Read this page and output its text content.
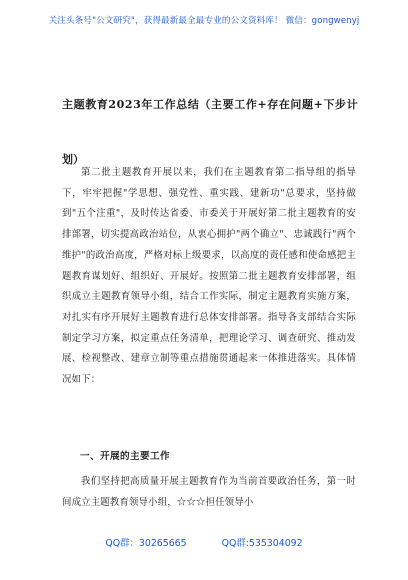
关注头条号"公文研究"，获得最新最全最专业的公文资料库！ 微信：gongwenyj
主题教育2023年工作总结（主要工作+存在问题+下步计
划）

第二批主题教育开展以来，我们在主题教育第二指导组的指导下，牢牢把握"学思想、强党性、重实践、建新功"总要求，坚持做到"五个注重"，及时传达省委、市委关于开展好第二批主题教育的安排部署，切实提高政治站位，从衷心拥护"两个确立"、忠诚践行"两个维护"的政治高度，严格对标上级要求，以高度的责任感和使命感把主题教育谋划好、组织好、开展好。按照第二批主题教育安排部署，组织成立主题教育领导小组，结合工作实际，制定主题教育实施方案，对扎实有序开展好主题教育进行总体安排部署。指导各支部结合实际制定学习方案，拟定重点任务清单，把理论学习、调查研究、推动发展、检视整改、建章立制等重点措施贯通起来一体推进落实。具体情况如下：

一、开展的主要工作

我们坚持把高质量开展主题教育作为当前首要政治任务，第一时间成立主题教育领导小组，☆☆☆担任领导小

QQ群：30265665	QQ群:535304092
